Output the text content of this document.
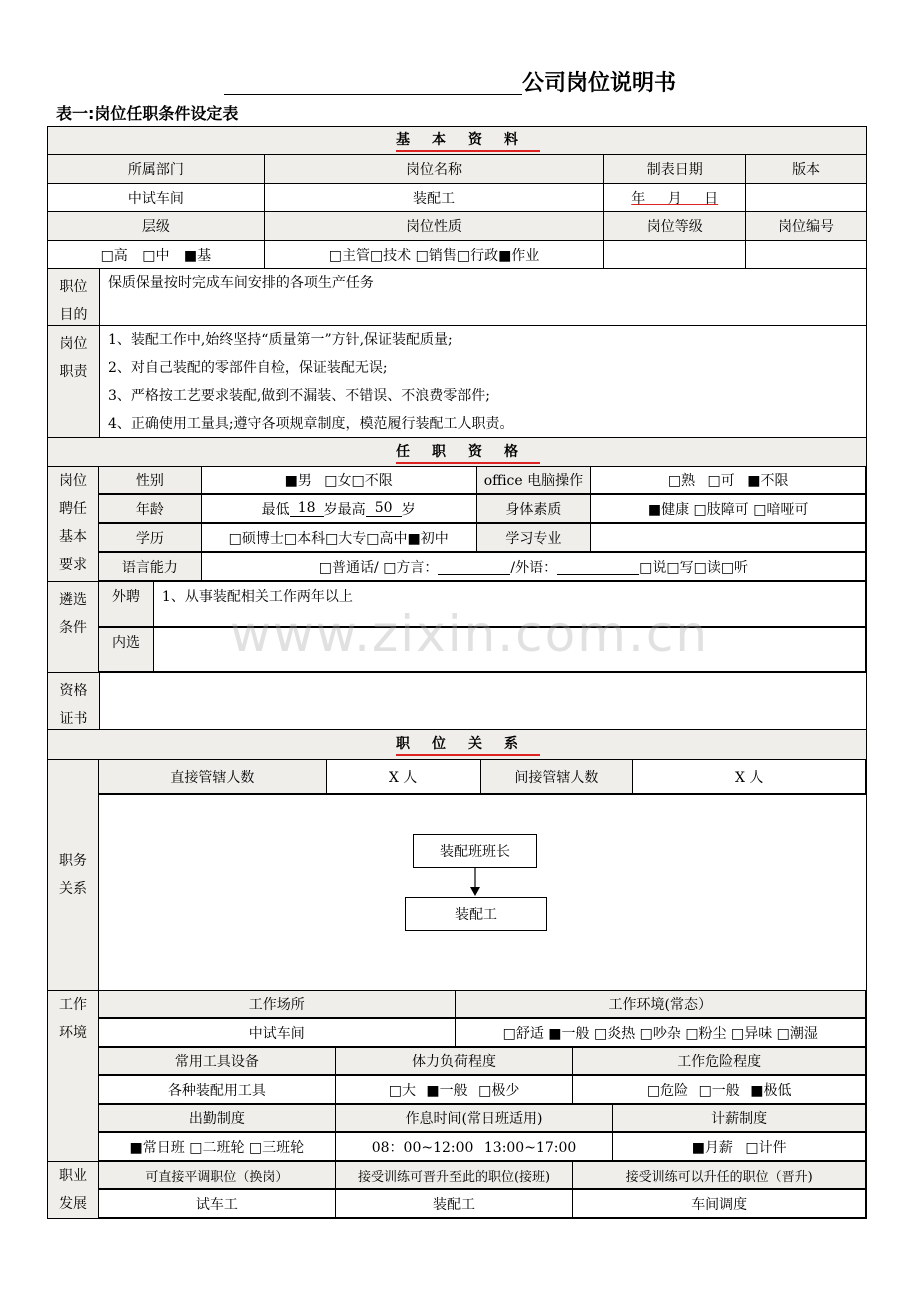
公司岗位说明书
表一:岗位任职条件设定表
基本资料
所属部门	岗位名称	制表日期	版本
中试车间	装配工	年 月 日
层级	岗位性质	岗位等级	岗位编号
□高 □中 ■基	□主管□技术 □销售□行政■作业
职位目的
保质保量按时完成车间安排的各项生产任务
岗位职责
1、装配工作中,始终坚持“质量第一”方针,保证装配质量;
2、对自己装配的零部件自检，保证装配无误;
3、严格按工艺要求装配,做到不漏装、不错误、不浪费零部件;
4、正确使用工量具;遵守各项规章制度，模范履行装配工人职责。
任职资格
岗位聘任基本要求
性别	■男 □女□不限	office 电脑操作	□熟 □可 ■不限
年龄	最低 18 岁最高 50 岁	身体素质	■健康 □肢障可 □喑哑可
学历	□硕博士□本科□大专□高中■初中	学习专业
语言能力	□普通话/ □方言：	/外语：	□说□写□读□听
遴选条件
外聘	1、从事装配相关工作两年以上
内选
资格证书
职位关系
职务关系
直接管辖人数	X 人	间接管辖人数	X 人
装配班班长
装配工
工作环境
工作场所	工作环境(常态）
中试车间	□舒适 ■一般 □炎热 □吵杂 □粉尘 □异味 □潮湿
常用工具设备	体力负荷程度	工作危险程度
各种装配用工具	□大 ■一般 □极少	□危险 □一般 ■极低
出勤制度	作息时间(常日班适用)	计薪制度
■常日班 □二班轮 □三班轮	08：00~12:00 13:00~17:00	■月薪 □计件
职业发展
可直接平调职位（换岗）	接受训练可晋升至此的职位(接班)	接受训练可以升任的职位（晋升)
试车工	装配工	车间调度
www.zixin.com.cn
